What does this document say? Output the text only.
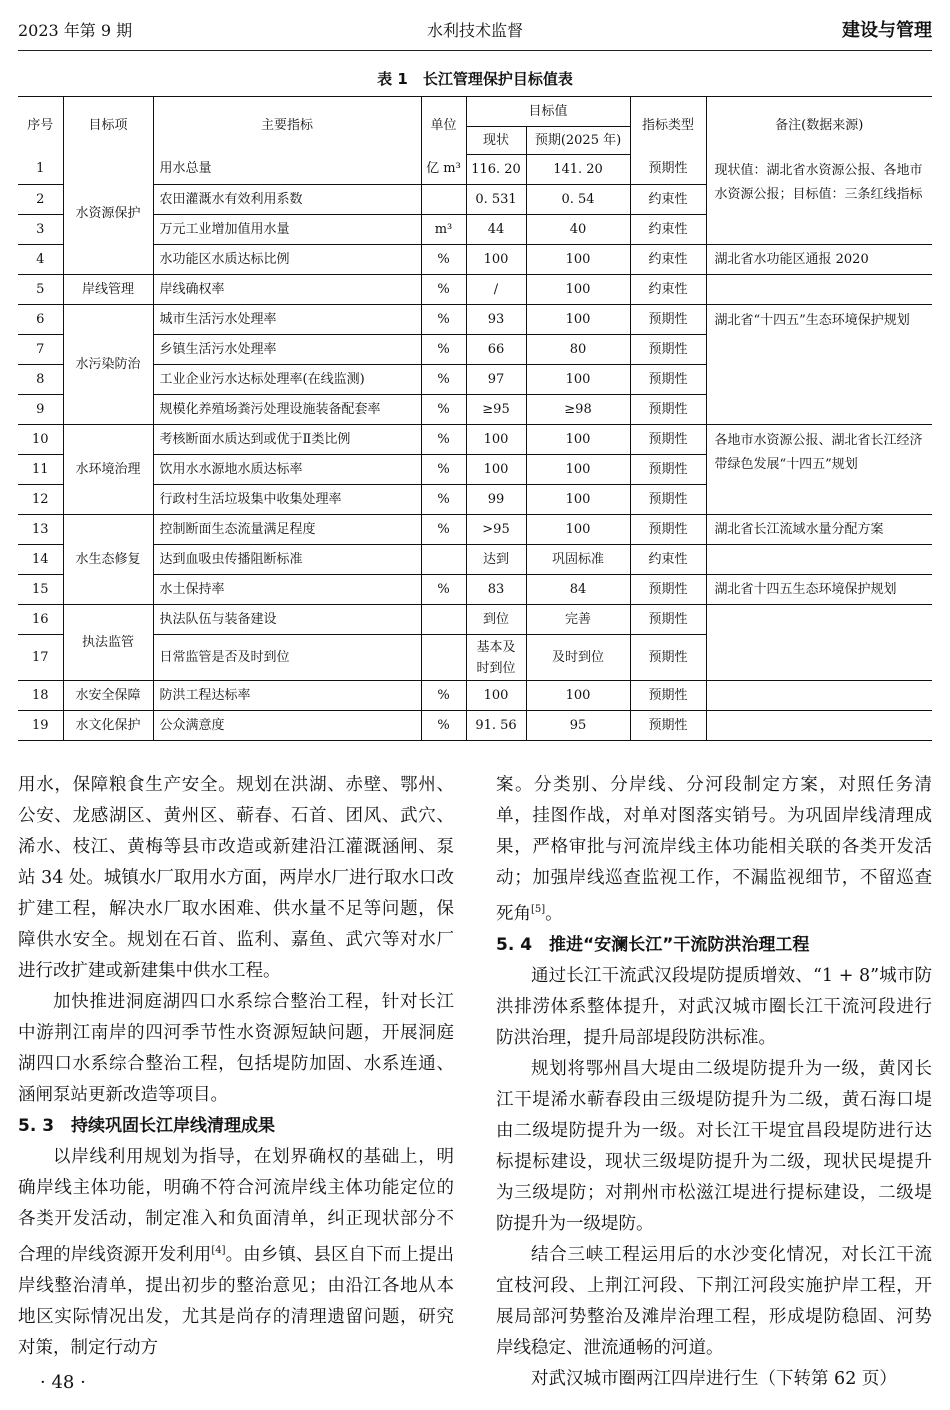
2023 年第 9 期	水利技术监督	建设与管理
表 1　长江管理保护目标值表
序号	目标项	主要指标	单位	目标值		指标类型	备注(数据来源)
				现状	预期(2025 年)		
1	水资源保护	用水总量	亿 m³	116. 20	141. 20	预期性	现状值：湖北省水资源公报、各地市水资源公报；目标值：三条红线指标
2		农田灌溉水有效利用系数		0. 531	0. 54	约束性	
3		万元工业增加值用水量	m³	44	40	约束性	
4		水功能区水质达标比例	%	100	100	约束性	湖北省水功能区通报 2020
5	岸线管理	岸线确权率	%	/	100	约束性	
6	水污染防治	城市生活污水处理率	%	93	100	预期性	湖北省“十四五”生态环境保护规划
7		乡镇生活污水处理率	%	66	80	预期性	
8		工业企业污水达标处理率(在线监测)	%	97	100	预期性	
9		规模化养殖场粪污处理设施装备配套率	%	≥95	≥98	预期性	
10	水环境治理	考核断面水质达到或优于Ⅱ类比例	%	100	100	预期性	各地市水资源公报、湖北省长江经济带绿色发展“十四五”规划
11		饮用水水源地水质达标率	%	100	100	预期性	
12		行政村生活垃圾集中收集处理率	%	99	100	预期性	
13	水生态修复	控制断面生态流量满足程度	%	>95	100	预期性	湖北省长江流域水量分配方案
14		达到血吸虫传播阻断标准		达到	巩固标准	约束性	
15		水土保持率	%	83	84	预期性	湖北省十四五生态环境保护规划
16	执法监管	执法队伍与装备建设		到位	完善	预期性	
17		日常监管是否及时到位		基本及时到位	及时到位	预期性	
18	水安全保障	防洪工程达标率	%	100	100	预期性	
19	水文化保护	公众满意度	%	91. 56	95	预期性	

用水，保障粮食生产安全。规划在洪湖、赤壁、鄂州、公安、龙感湖区、黄州区、蕲春、石首、团风、武穴、浠水、枝江、黄梅等县市改造或新建沿江灌溉涵闸、泵站 34 处。城镇水厂取用水方面，两岸水厂进行取水口改扩建工程，解决水厂取水困难、供水量不足等问题，保障供水安全。规划在石首、监利、嘉鱼、武穴等对水厂进行改扩建或新建集中供水工程。

加快推进洞庭湖四口水系综合整治工程，针对长江中游荆江南岸的四河季节性水资源短缺问题，开展洞庭湖四口水系综合整治工程，包括堤防加固、水系连通、涵闸泵站更新改造等项目。

5. 3　持续巩固长江岸线清理成果

以岸线利用规划为指导，在划界确权的基础上，明确岸线主体功能，明确不符合河流岸线主体功能定位的各类开发活动，制定准入和负面清单，纠正现状部分不合理的岸线资源开发利用[4]。由乡镇、县区自下而上提出岸线整治清单，提出初步的整治意见；由沿江各地从本地区实际情况出发，尤其是尚存的清理遗留问题，研究对策，制定行动方

案。分类别、分岸线、分河段制定方案，对照任务清单，挂图作战，对单对图落实销号。为巩固岸线清理成果，严格审批与河流岸线主体功能相关联的各类开发活动；加强岸线巡查监视工作，不漏监视细节，不留巡查死角[5]。

5. 4　推进“安澜长江”干流防洪治理工程

通过长江干流武汉段堤防提质增效、“1 + 8”城市防洪排涝体系整体提升，对武汉城市圈长江干流河段进行防洪治理，提升局部堤段防洪标准。

规划将鄂州昌大堤由二级堤防提升为一级，黄冈长江干堤浠水蕲春段由三级堤防提升为二级，黄石海口堤由二级堤防提升为一级。对长江干堤宜昌段堤防进行达标提标建设，现状三级堤防提升为二级，现状民堤提升为三级堤防；对荆州市松滋江堤进行提标建设，二级堤防提升为一级堤防。

结合三峡工程运用后的水沙变化情况，对长江干流宜枝河段、上荆江河段、下荆江河段实施护岸工程，开展局部河势整治及滩岸治理工程，形成堤防稳固、河势岸线稳定、泄流通畅的河道。

对武汉城市圈两江四岸进行生（下转第 62 页）

· 48 ·
